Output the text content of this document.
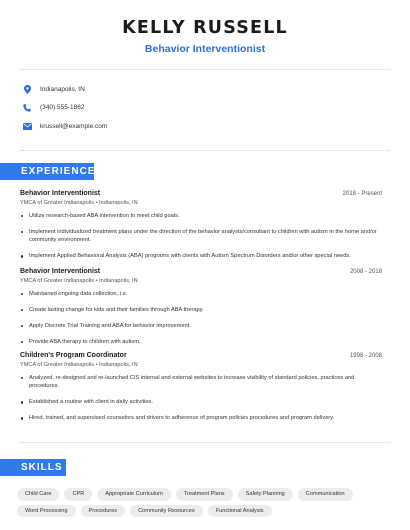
KELLY RUSSELL
Behavior Interventionist
Indianapolis, IN
(340) 555-1862
krussell@example.com
EXPERIENCE
Behavior Interventionist	2018 - Present
YMCA of Greater Indianapolis • Indianapolis, IN
Utilize research-based ABA intervention to meet child goals.
Implement individualized treatment plans under the direction of the behavior analysts/consultant to children with autism in the home and/or community environment.
Implement Applied Behavioral Analysis (ABA) programs with clients with Autism Spectrum Disorders and/or other special needs.
Behavior Interventionist	2008 - 2018
YMCA of Greater Indianapolis • Indianapolis, IN
Maintained ongoing data collection, i.e.
Create lasting change for kids and their families through ABA therapy.
Apply Discrete Trial Training and ABA for behavior improvement.
Provide ABA therapy to children with autism.
Children's Program Coordinator	1998 - 2008
YMCA of Greater Indianapolis • Indianapolis, IN
Analyzed, re-designed and re-launched CIS internal and external websites to increase visibility of standard policies, practices and procedures.
Established a routine with client in daily activities.
Hired, trained, and supervised counselors and drivers to adherence of program policies procedures and program delivery.
SKILLS
Child Care	CPR	Appropriate Curriculum	Treatment Plans	Safety Planning	Communication
Word Processing	Procedures	Community Resources	Functional Analysis
